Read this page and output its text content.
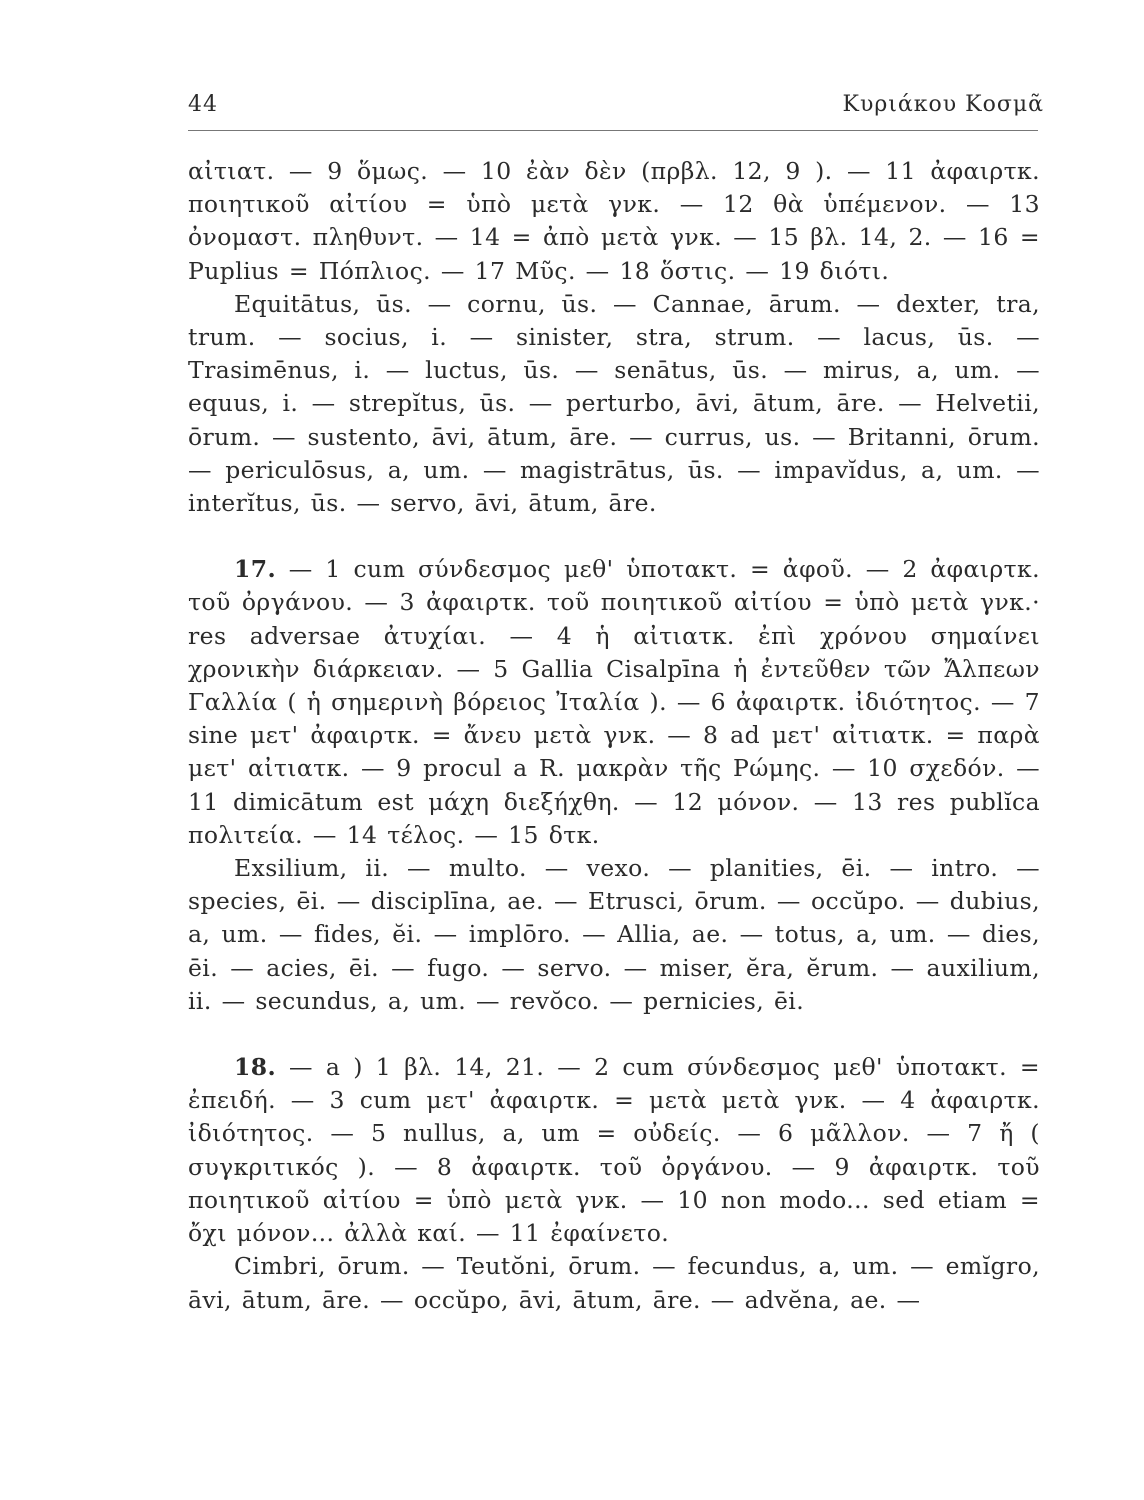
44	Κυριάκου Κοσμᾶ

αἰτιατ. — 9 ὅμως. — 10 ἐὰν δὲν (πρβλ. 12, 9 ). — 11 ἀφαιρτκ. ποιητικοῦ αἰτίου = ὑπὸ μετὰ γνκ. — 12 θὰ ὑπέμενον. — 13 ὀνομαστ. πληθυντ. — 14 = ἀπὸ μετὰ γνκ. — 15 βλ. 14, 2. — 16 = Puplius = Πόπλιος. — 17 Μῦς. — 18 ὅστις. — 19 διότι.

Equitātus, ūs. — cornu, ūs. — Cannae, ārum. — dexter, tra, trum. — socius, i. — sinister, stra, strum. — lacus, ūs. — Trasimēnus, i. — luctus, ūs. — senātus, ūs. — mirus, a, um. — equus, i. — strepĭtus, ūs. — perturbo, āvi, ātum, āre. — Helvetii, ōrum. — sustento, āvi, ātum, āre. — currus, us. — Britanni, ōrum. — periculōsus, a, um. — magistrātus, ūs. — impavĭdus, a, um. — interĭtus, ūs. — servo, āvi, ātum, āre.

17. — 1 cum σύνδεσμος μεθ' ὑποτακτ. = ἀφοῦ. — 2 ἀφαιρτκ. τοῦ ὀργάνου. — 3 ἀφαιρτκ. τοῦ ποιητικοῦ αἰτίου = ὑπὸ μετὰ γνκ.· res adversae ἀτυχίαι. — 4 ἡ αἰτιατκ. ἐπὶ χρόνου σημαίνει χρονικὴν διάρκειαν. — 5 Gallia Cisalpīna ἡ ἐντεῦθεν τῶν Ἄλπεων Γαλλία ( ἡ σημερινὴ βόρειος Ἰταλία ). — 6 ἀφαιρτκ. ἰδιότητος. — 7 sine μετ' ἀφαιρτκ. = ἄνευ μετὰ γνκ. — 8 ad μετ' αἰτιατκ. = παρὰ μετ' αἰτιατκ. — 9 procul a R. μακρὰν τῆς Ρώμης. — 10 σχεδόν. — 11 dimicātum est μάχη διεξήχθη. — 12 μόνον. — 13 res publĭca πολιτεία. — 14 τέλος. — 15 δτκ.

Exsilium, ii. — multo. — vexo. — planities, ēi. — intro. — species, ēi. — disciplīna, ae. — Etrusci, ōrum. — occŭpo. — dubius, a, um. — fides, ĕi. — implōro. — Allia, ae. — totus, a, um. — dies, ēi. — acies, ēi. — fugo. — servo. — miser, ĕra, ĕrum. — auxilium, ii. — secundus, a, um. — revŏco. — pernicies, ēi.

18. — a ) 1 βλ. 14, 21. — 2 cum σύνδεσμος μεθ' ὑποτακτ. = ἐπειδή. — 3 cum μετ' ἀφαιρτκ. = μετὰ μετὰ γνκ. — 4 ἀφαιρτκ. ἰδιότητος. — 5 nullus, a, um = οὐδείς. — 6 μᾶλλον. — 7 ἤ ( συγκριτικός ). — 8 ἀφαιρτκ. τοῦ ὀργάνου. — 9 ἀφαιρτκ. τοῦ ποιητικοῦ αἰτίου = ὑπὸ μετὰ γνκ. — 10 non modo... sed etiam = ὄχι μόνον... ἀλλὰ καί. — 11 ἐφαίνετο.

Cimbri, ōrum. — Teutŏni, ōrum. — fecundus, a, um. — emĭgro, āvi, ātum, āre. — occŭpo, āvi, ātum, āre. — advĕna, ae. —
